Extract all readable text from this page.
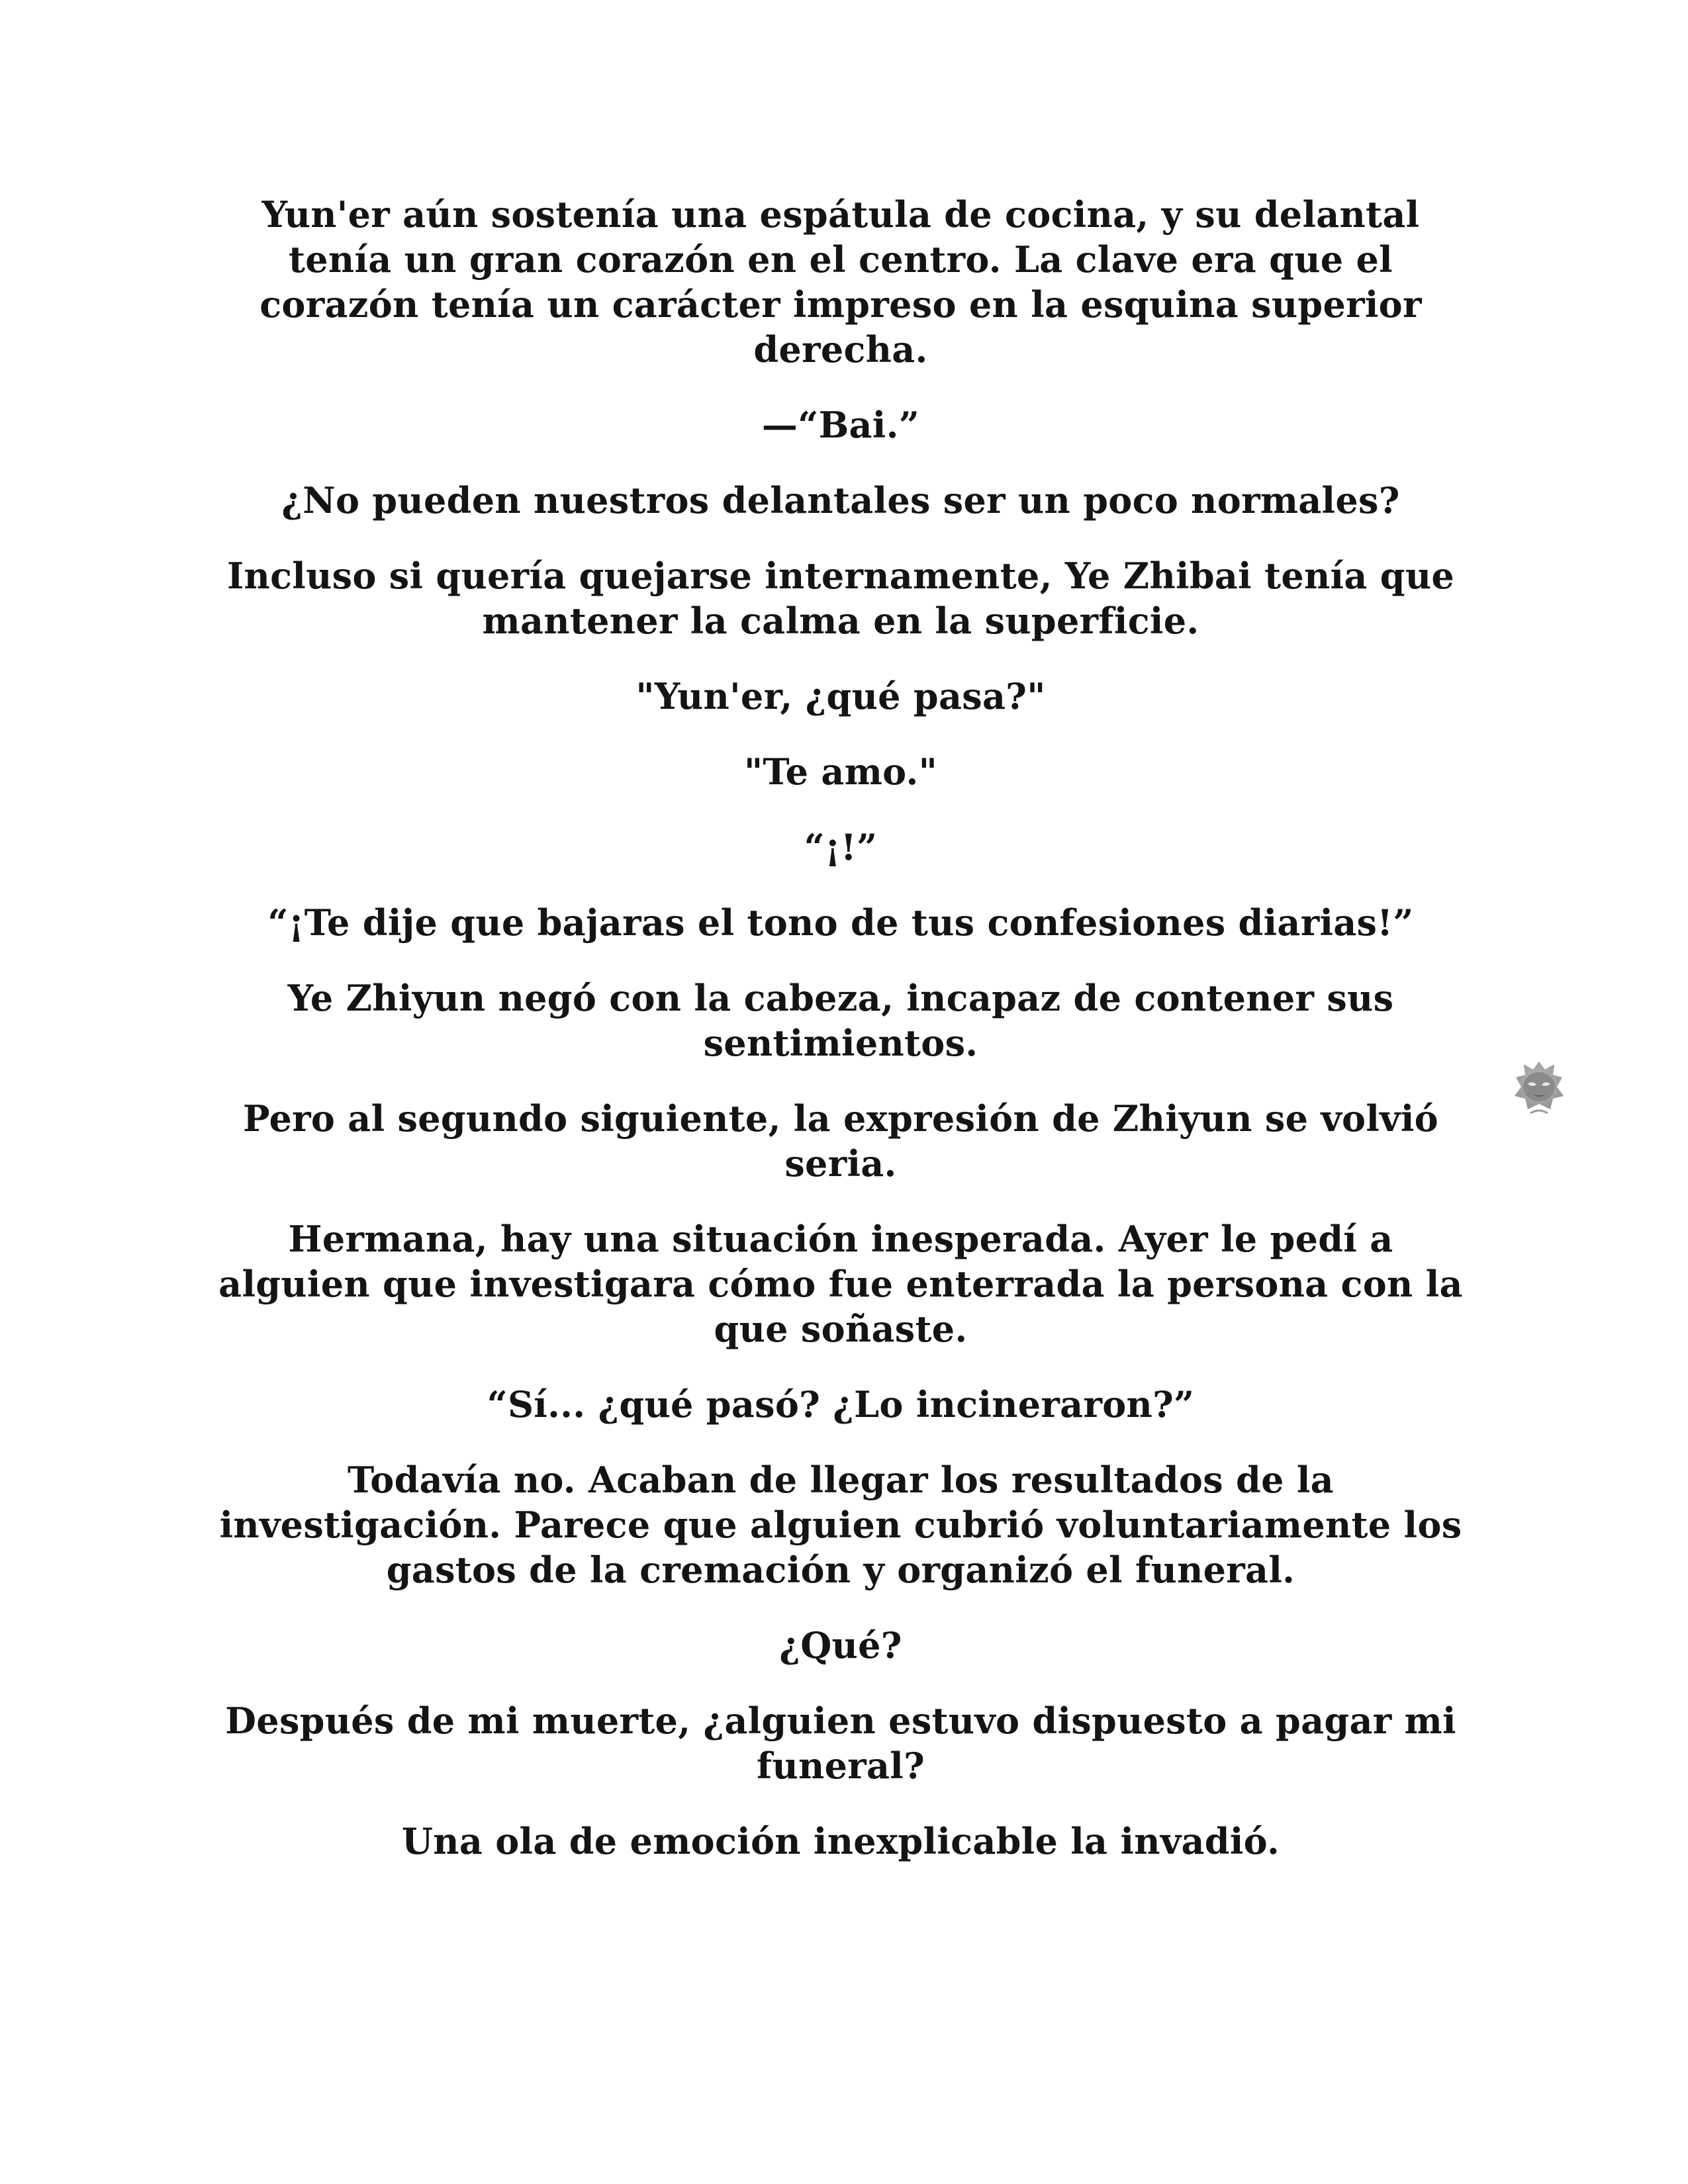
Yun'er aún sostenía una espátula de cocina, y su delantal tenía un gran corazón en el centro. La clave era que el corazón tenía un carácter impreso en la esquina superior derecha.

—“Bai.”

¿No pueden nuestros delantales ser un poco normales?

Incluso si quería quejarse internamente, Ye Zhibai tenía que mantener la calma en la superficie.

"Yun'er, ¿qué pasa?"

"Te amo."

“¡!”

“¡Te dije que bajaras el tono de tus confesiones diarias!”

Ye Zhiyun negó con la cabeza, incapaz de contener sus sentimientos.

Pero al segundo siguiente, la expresión de Zhiyun se volvió seria.

Hermana, hay una situación inesperada. Ayer le pedí a alguien que investigara cómo fue enterrada la persona con la que soñaste.

“Sí... ¿qué pasó? ¿Lo incineraron?”

Todavía no. Acaban de llegar los resultados de la investigación. Parece que alguien cubrió voluntariamente los gastos de la cremación y organizó el funeral.

¿Qué?

Después de mi muerte, ¿alguien estuvo dispuesto a pagar mi funeral?

Una ola de emoción inexplicable la invadió.
